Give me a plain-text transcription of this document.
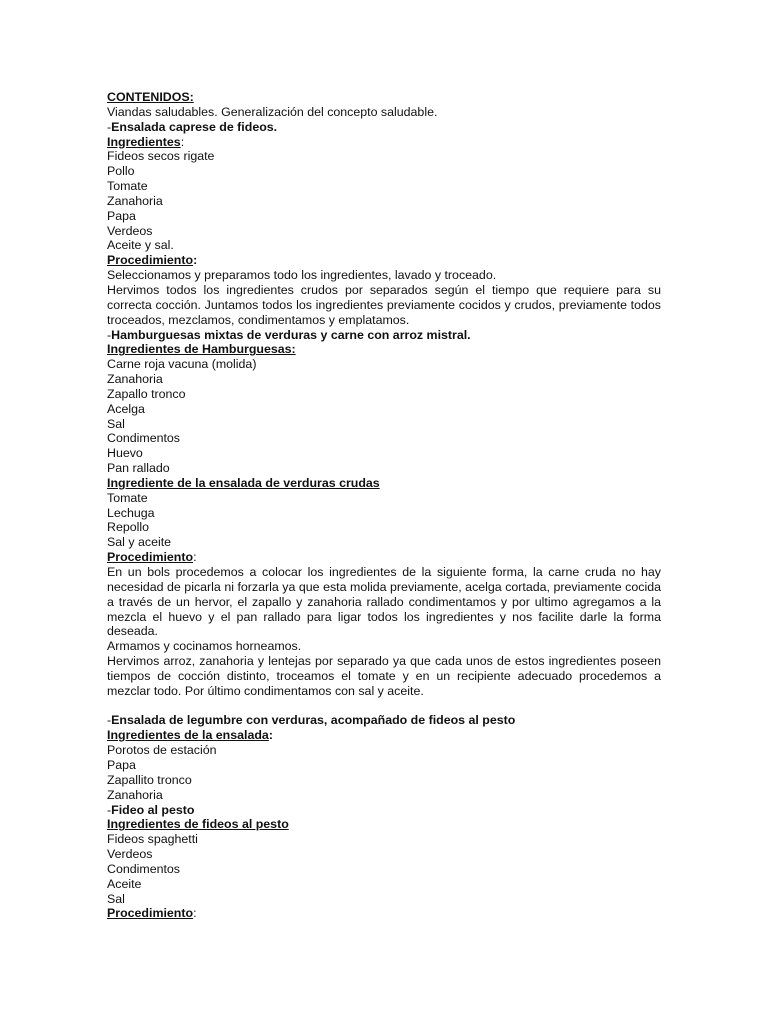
CONTENIDOS:
Viandas saludables. Generalización del concepto saludable.
-Ensalada caprese de fideos.
Ingredientes:
Fideos secos rigate
Pollo
Tomate
Zanahoria
Papa
Verdeos
Aceite y sal.
Procedimiento:
Seleccionamos y preparamos todo los ingredientes, lavado y troceado.
Hervimos todos los ingredientes crudos por separados según el tiempo que requiere para su correcta cocción. Juntamos todos los ingredientes previamente cocidos y crudos, previamente todos troceados, mezclamos, condimentamos y emplatamos.
-Hamburguesas mixtas de verduras y carne con arroz mistral.
Ingredientes de Hamburguesas:
Carne roja vacuna (molida)
Zanahoria
Zapallo tronco
Acelga
Sal
Condimentos
Huevo
Pan rallado
Ingrediente de la ensalada de verduras crudas
Tomate
Lechuga
Repollo
Sal y aceite
Procedimiento:
En un bols procedemos a colocar los ingredientes de la siguiente forma, la carne cruda no hay necesidad de picarla ni forzarla ya que esta molida previamente, acelga cortada, previamente cocida a través de un hervor, el zapallo y zanahoria rallado condimentamos y por ultimo agregamos a la mezcla el huevo y el pan rallado para ligar todos los ingredientes y nos facilite darle la forma deseada.
Armamos y cocinamos horneamos.
Hervimos arroz, zanahoria y lentejas por separado ya que cada unos de estos ingredientes poseen tiempos de cocción distinto, troceamos el tomate y en un recipiente adecuado procedemos a mezclar todo. Por último condimentamos con sal y aceite.
-Ensalada de legumbre con verduras, acompañado de fideos al pesto
Ingredientes de la ensalada:
Porotos de estación
Papa
Zapallito tronco
Zanahoria
-Fideo al pesto
Ingredientes de fideos al pesto
Fideos spaghetti
Verdeos
Condimentos
Aceite
Sal
Procedimiento:
